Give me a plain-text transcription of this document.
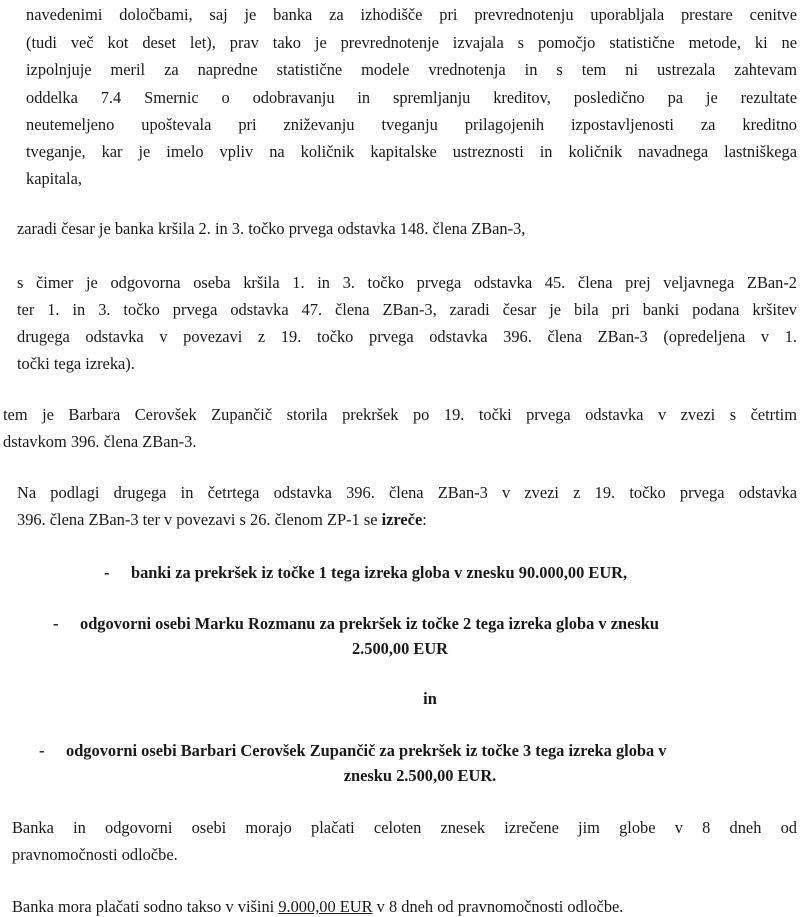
navedenimi določbami, saj je banka za izhodišče pri prevrednotenju uporabljala prestare cenitve
(tudi več kot deset let), prav tako je prevrednotenje izvajala s pomočjo statistične metode, ki ne
izpolnjuje meril za napredne statistične modele vrednotenja in s tem ni ustrezala zahtevam
oddelka 7.4 Smernic o odobravanju in spremljanju kreditov, posledično pa je rezultate
neutemeljeno upoštevala pri zniževanju tveganju prilagojenih izpostavljenosti za kreditno
tveganje, kar je imelo vpliv na količnik kapitalske ustreznosti in količnik navadnega lastniškega
kapitala,
zaradi česar je banka kršila 2. in 3. točko prvega odstavka 148. člena ZBan-3,
s čimer je odgovorna oseba kršila 1. in 3. točko prvega odstavka 45. člena prej veljavnega ZBan-2
ter 1. in 3. točko prvega odstavka 47. člena ZBan-3, zaradi česar je bila pri banki podana kršitev
drugega odstavka v povezavi z 19. točko prvega odstavka 396. člena ZBan-3 (opredeljena v 1.
točki tega izreka).
tem je Barbara Cerovšek Zupančič storila prekršek po 19. točki prvega odstavka v zvezi s četrtim
dstavkom 396. člena ZBan-3.
Na podlagi drugega in četrtega odstavka 396. člena ZBan-3 v zvezi z 19. točko prvega odstavka
396. člena ZBan-3 ter v povezavi s 26. členom ZP-1 se izreče:
- banki za prekršek iz točke 1 tega izreka globa v znesku 90.000,00 EUR,
- odgovorni osebi Marku Rozmanu za prekršek iz točke 2 tega izreka globa v znesku
2.500,00 EUR
in
- odgovorni osebi Barbari Cerovšek Zupančič za prekršek iz točke 3 tega izreka globa v
znesku 2.500,00 EUR.
Banka in odgovorni osebi morajo plačati celoten znesek izrečene jim globe v 8 dneh od
pravnomočnosti odločbe.
Banka mora plačati sodno takso v višini 9.000,00 EUR v 8 dneh od pravnomočnosti odločbe.
